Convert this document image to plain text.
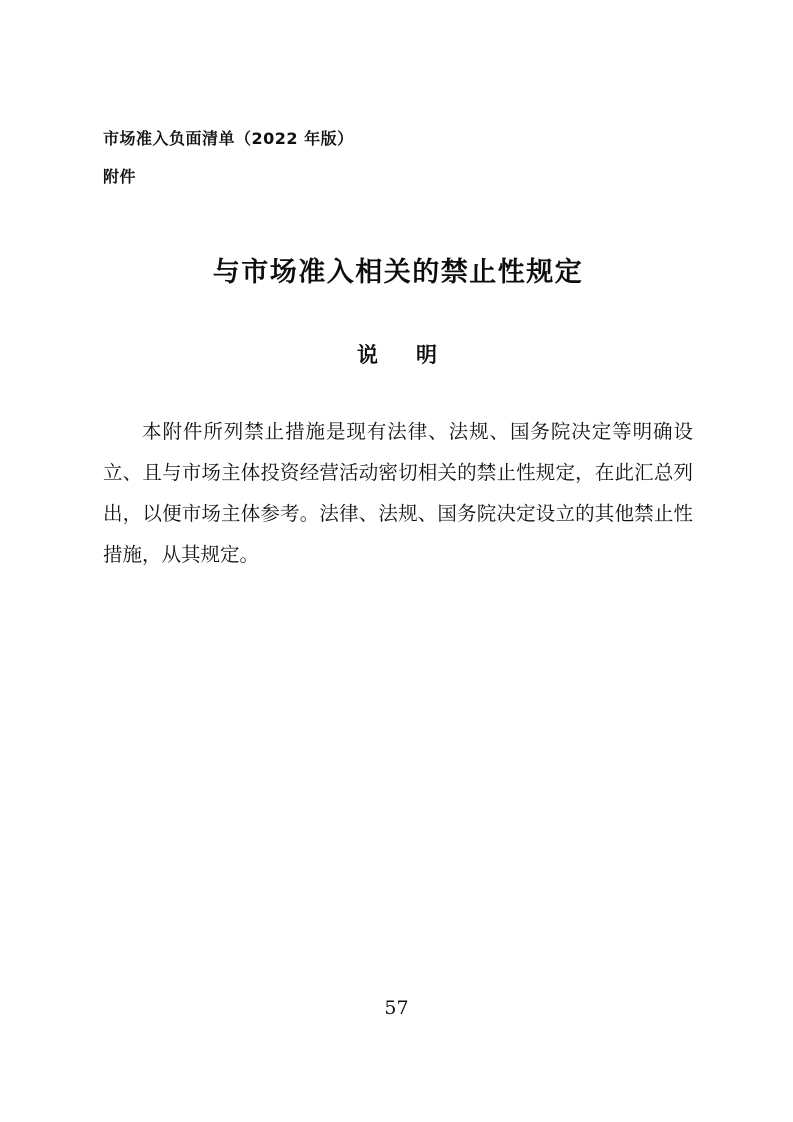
市场准入负面清单（2022 年版）
附件
与市场准入相关的禁止性规定
说 明

本附件所列禁止措施是现有法律、法规、国务院决定等明确设立、且与市场主体投资经营活动密切相关的禁止性规定，在此汇总列出，以便市场主体参考。法律、法规、国务院决定设立的其他禁止性措施，从其规定。

57
